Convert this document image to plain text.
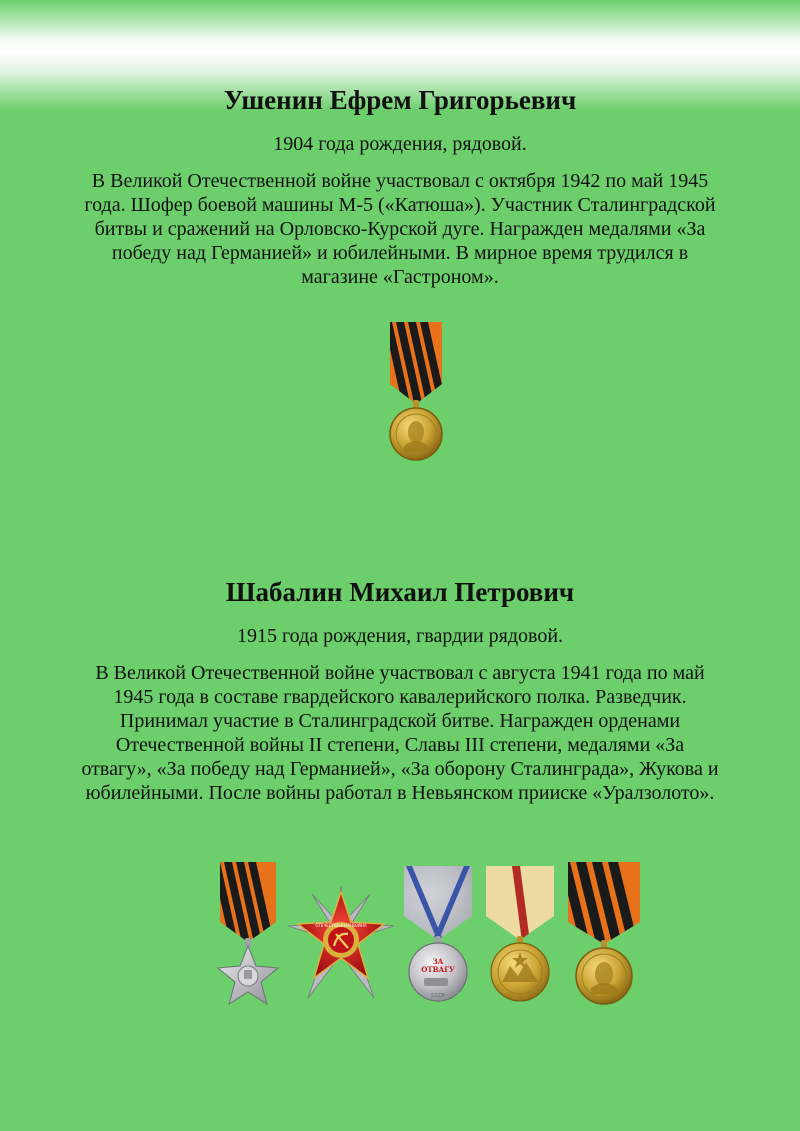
Ушенин Ефрем Григорьевич

1904 года рождения, рядовой.

В Великой Отечественной войне участвовал с октября 1942 по май 1945 года. Шофер боевой машины М-5 («Катюша»). Участник Сталинградской битвы и сражений на Орловско-Курской дуге. Награжден медалями «За победу над Германией» и юбилейными. В мирное время трудился в магазине «Гастроном».

Шабалин Михаил Петрович

1915 года рождения, гвардии рядовой.

В Великой Отечественной войне участвовал с августа 1941 года по май 1945 года в составе гвардейского кавалерийского полка. Разведчик. Принимал участие в Сталинградской битве. Награжден орденами Отечественной войны II степени, Славы III степени, медалями «За отвагу», «За победу над Германией», «За оборону Сталинграда», Жукова и юбилейными. После войны работал в Невьянском прииске «Уралзолото».

ОТЕЧЕСТВЕННАЯ ВОЙНА
ЗА
ОТВАГУ
СССР
